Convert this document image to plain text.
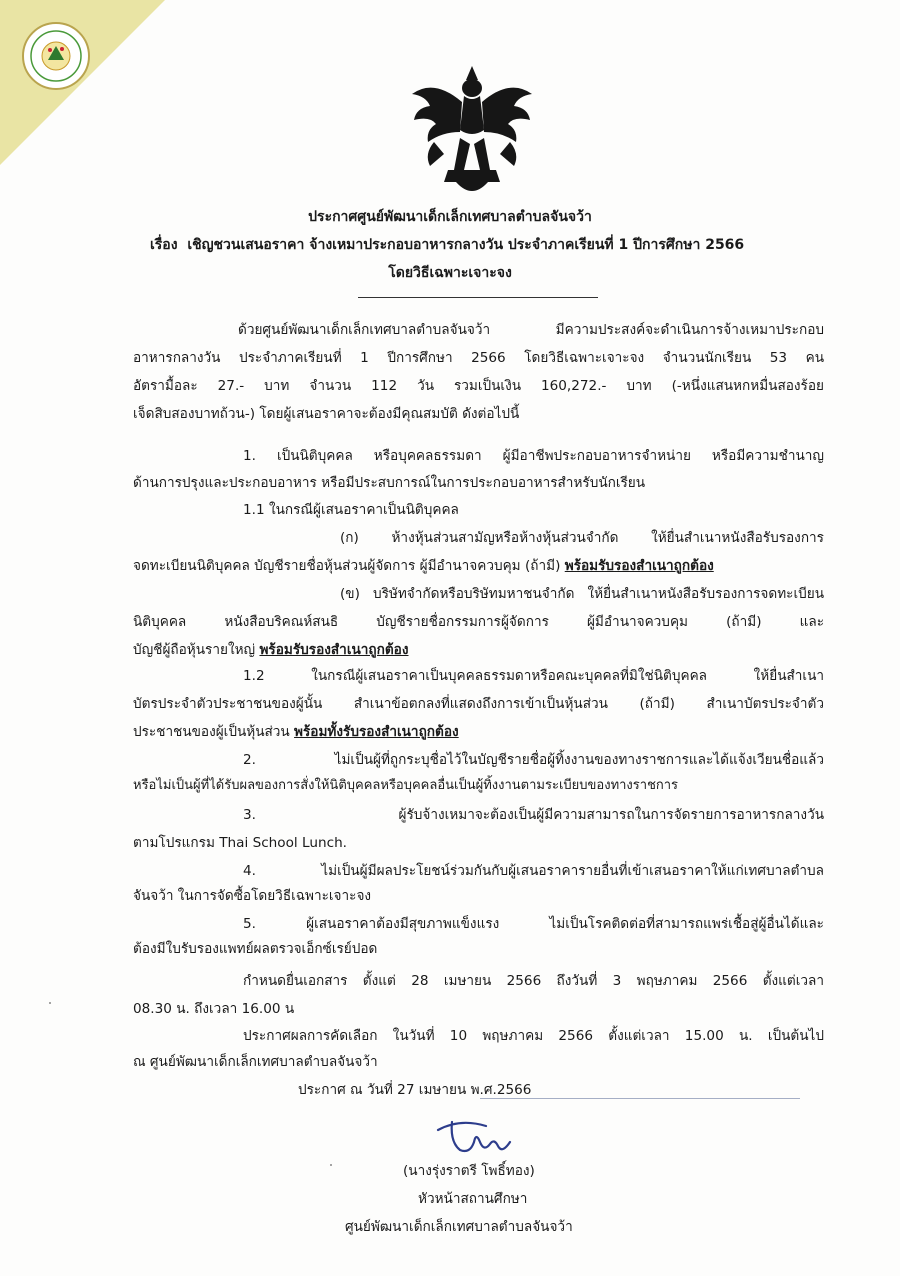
ประกาศศูนย์พัฒนาเด็กเล็กเทศบาลตำบลจันจว้า

เรื่อง เชิญชวนเสนอราคา จ้างเหมาประกอบอาหารกลางวัน ประจำภาคเรียนที่ 1 ปีการศึกษา 2566

โดยวิธีเฉพาะเจาะจง

ด้วยศูนย์พัฒนาเด็กเล็กเทศบาลตำบลจันจว้า มีความประสงค์จะดำเนินการจ้างเหมาประกอบ

อาหารกลางวัน ประจำภาคเรียนที่ 1 ปีการศึกษา 2566 โดยวิธีเฉพาะเจาะจง จำนวนนักเรียน 53 คน

อัตรามื้อละ 27.- บาท จำนวน 112 วัน รวมเป็นเงิน 160,272.- บาท (-หนึ่งแสนหกหมื่นสองร้อย

เจ็ดสิบสองบาทถ้วน-) โดยผู้เสนอราคาจะต้องมีคุณสมบัติ ดังต่อไปนี้

1. เป็นนิติบุคคล หรือบุคคลธรรมดา ผู้มีอาชีพประกอบอาหารจำหน่าย หรือมีความชำนาญ

ด้านการปรุงและประกอบอาหาร หรือมีประสบการณ์ในการประกอบอาหารสำหรับนักเรียน

1.1 ในกรณีผู้เสนอราคาเป็นนิติบุคคล

(ก) ห้างหุ้นส่วนสามัญหรือห้างหุ้นส่วนจำกัด ให้ยื่นสำเนาหนังสือรับรองการ

จดทะเบียนนิติบุคคล บัญชีรายชื่อหุ้นส่วนผู้จัดการ ผู้มีอำนาจควบคุม (ถ้ามี) พร้อมรับรองสำเนาถูกต้อง

(ข) บริษัทจำกัดหรือบริษัทมหาชนจำกัด ให้ยื่นสำเนาหนังสือรับรองการจดทะเบียน

นิติบุคคล หนังสือบริคณห์สนธิ บัญชีรายชื่อกรรมการผู้จัดการ ผู้มีอำนาจควบคุม (ถ้ามี) และ

บัญชีผู้ถือหุ้นรายใหญ่ พร้อมรับรองสำเนาถูกต้อง

1.2 ในกรณีผู้เสนอราคาเป็นบุคคลธรรมดาหรือคณะบุคคลที่มิใช่นิติบุคคล ให้ยื่นสำเนา

บัตรประจำตัวประชาชนของผู้นั้น สำเนาข้อตกลงที่แสดงถึงการเข้าเป็นหุ้นส่วน (ถ้ามี) สำเนาบัตรประจำตัว

ประชาชนของผู้เป็นหุ้นส่วน พร้อมทั้งรับรองสำเนาถูกต้อง

2. ไม่เป็นผู้ที่ถูกระบุชื่อไว้ในบัญชีรายชื่อผู้ทิ้งงานของทางราชการและได้แจ้งเวียนชื่อแล้ว

หรือไม่เป็นผู้ที่ได้รับผลของการสั่งให้นิติบุคคลหรือบุคคลอื่นเป็นผู้ทิ้งงานตามระเบียบของทางราชการ

3. ผู้รับจ้างเหมาจะต้องเป็นผู้มีความสามารถในการจัดรายการอาหารกลางวัน

ตามโปรแกรม Thai School Lunch.

4. ไม่เป็นผู้มีผลประโยชน์ร่วมกันกับผู้เสนอราคารายอื่นที่เข้าเสนอราคาให้แก่เทศบาลตำบล

จันจว้า ในการจัดซื้อโดยวิธีเฉพาะเจาะจง

5. ผู้เสนอราคาต้องมีสุขภาพแข็งแรง ไม่เป็นโรคติดต่อที่สามารถแพร่เชื้อสู่ผู้อื่นได้และ

ต้องมีใบรับรองแพทย์ผลตรวจเอ็กซ์เรย์ปอด

กำหนดยื่นเอกสาร ตั้งแต่ 28 เมษายน 2566 ถึงวันที่ 3 พฤษภาคม 2566 ตั้งแต่เวลา

08.30 น. ถึงเวลา 16.00 น

ประกาศผลการคัดเลือก ในวันที่ 10 พฤษภาคม 2566 ตั้งแต่เวลา 15.00 น. เป็นต้นไป

ณ ศูนย์พัฒนาเด็กเล็กเทศบาลตำบลจันจว้า

ประกาศ ณ วันที่ 27 เมษายน พ.ศ.2566

(นางรุ่งราตรี โพธิ์ทอง)

หัวหน้าสถานศึกษา

ศูนย์พัฒนาเด็กเล็กเทศบาลตำบลจันจว้า
